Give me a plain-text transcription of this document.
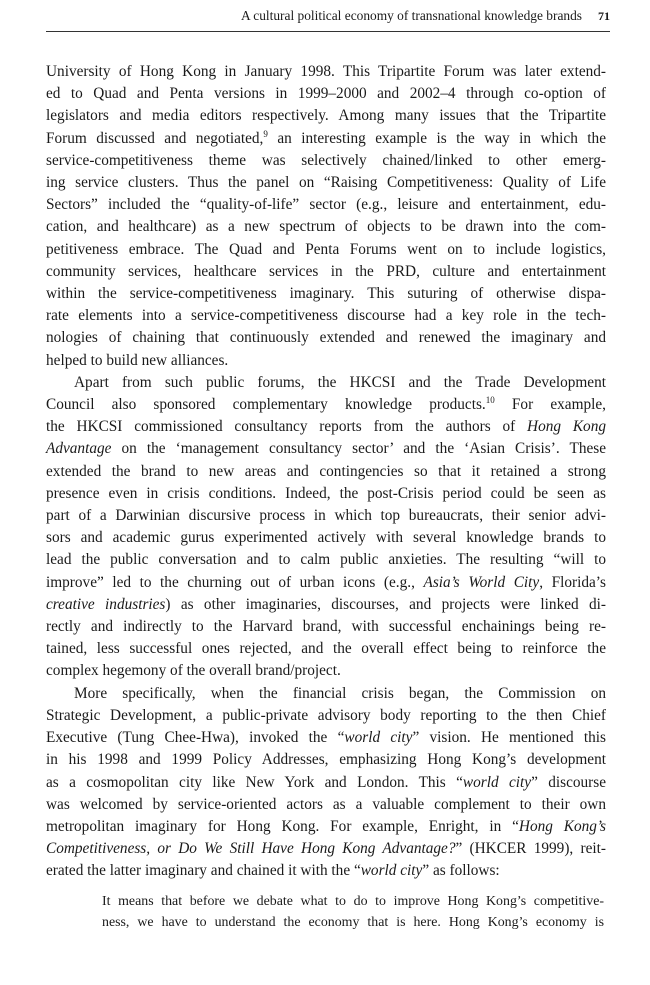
A cultural political economy of transnational knowledge brands 71
University of Hong Kong in January 1998. This Tripartite Forum was later extend-
ed to Quad and Penta versions in 1999–2000 and 2002–4 through co-option of
legislators and media editors respectively. Among many issues that the Tripartite
Forum discussed and negotiated,$^9$ an interesting example is the way in which the
service-competitiveness theme was selectively chained/linked to other emerg-
ing service clusters. Thus the panel on “Raising Competitiveness: Quality of Life
Sectors” included the “quality-of-life” sector (e.g., leisure and entertainment, edu-
cation, and healthcare) as a new spectrum of objects to be drawn into the com-
petitiveness embrace. The Quad and Penta Forums went on to include logistics,
community services, healthcare services in the PRD, culture and entertainment
within the service-competitiveness imaginary. This suturing of otherwise dispa-
rate elements into a service-competitiveness discourse had a key role in the tech-
nologies of chaining that continuously extended and renewed the imaginary and
helped to build new alliances.
Apart from such public forums, the HKCSI and the Trade Development
Council also sponsored complementary knowledge products.$^{10}$ For example,
the HKCSI commissioned consultancy reports from the authors of Hong Kong
Advantage on the ‘management consultancy sector’ and the ‘Asian Crisis’. These
extended the brand to new areas and contingencies so that it retained a strong
presence even in crisis conditions. Indeed, the post-Crisis period could be seen as
part of a Darwinian discursive process in which top bureaucrats, their senior advi-
sors and academic gurus experimented actively with several knowledge brands to
lead the public conversation and to calm public anxieties. The resulting “will to
improve” led to the churning out of urban icons (e.g., Asia’s World City, Florida’s
creative industries) as other imaginaries, discourses, and projects were linked di-
rectly and indirectly to the Harvard brand, with successful enchainings being re-
tained, less successful ones rejected, and the overall effect being to reinforce the
complex hegemony of the overall brand/project.
More specifically, when the financial crisis began, the Commission on
Strategic Development, a public-private advisory body reporting to the then Chief
Executive (Tung Chee-Hwa), invoked the “world city” vision. He mentioned this
in his 1998 and 1999 Policy Addresses, emphasizing Hong Kong’s development
as a cosmopolitan city like New York and London. This “world city” discourse
was welcomed by service-oriented actors as a valuable complement to their own
metropolitan imaginary for Hong Kong. For example, Enright, in “Hong Kong’s
Competitiveness, or Do We Still Have Hong Kong Advantage?” (HKCER 1999), reit-
erated the latter imaginary and chained it with the “world city” as follows:
It means that before we debate what to do to improve Hong Kong’s competitive-
ness, we have to understand the economy that is here. Hong Kong’s economy is
